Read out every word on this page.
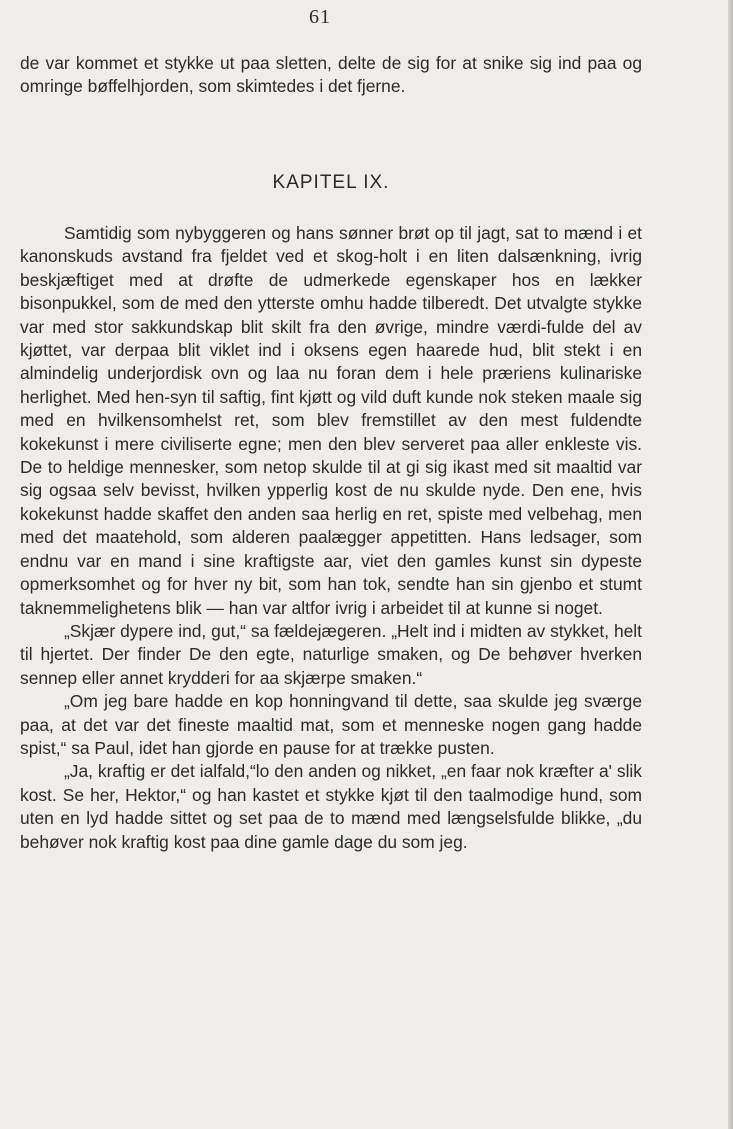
61

de var kommet et stykke ut paa sletten, delte de sig for at snike sig ind paa og omringe bøffelhjorden, som skimtedes i det fjerne.

KAPITEL IX.

Samtidig som nybyggeren og hans sønner brøt op til jagt, sat to mænd i et kanonskuds avstand fra fjeldet ved et skog-holt i en liten dalsænkning, ivrig beskjæftiget med at drøfte de udmerkede egenskaper hos en lækker bisonpukkel, som de med den ytterste omhu hadde tilberedt. Det utvalgte stykke var med stor sakkundskap blit skilt fra den øvrige, mindre værdi-fulde del av kjøttet, var derpaa blit viklet ind i oksens egen haarede hud, blit stekt i en almindelig underjordisk ovn og laa nu foran dem i hele præriens kulinariske herlighet. Med hen-syn til saftig, fint kjøtt og vild duft kunde nok steken maale sig med en hvilkensomhelst ret, som blev fremstillet av den mest fuldendte kokekunst i mere civiliserte egne; men den blev serveret paa aller enkleste vis. De to heldige mennesker, som netop skulde til at gi sig ikast med sit maaltid var sig ogsaa selv bevisst, hvilken ypperlig kost de nu skulde nyde. Den ene, hvis kokekunst hadde skaffet den anden saa herlig en ret, spiste med velbehag, men med det maatehold, som alderen paalægger appetitten. Hans ledsager, som endnu var en mand i sine kraftigste aar, viet den gamles kunst sin dypeste opmerksomhet og for hver ny bit, som han tok, sendte han sin gjenbo et stumt taknemmelighetens blik — han var altfor ivrig i arbeidet til at kunne si noget.

„Skjær dypere ind, gut,“ sa fældejægeren. „Helt ind i midten av stykket, helt til hjertet. Der finder De den egte, naturlige smaken, og De behøver hverken sennep eller annet krydderi for aa skjærpe smaken.“

„Om jeg bare hadde en kop honningvand til dette, saa skulde jeg sværge paa, at det var det fineste maaltid mat, som et menneske nogen gang hadde spist,“ sa Paul, idet han gjorde en pause for at trække pusten.

„Ja, kraftig er det ialfald,“lo den anden og nikket, „en faar nok kræfter a' slik kost. Se her, Hektor,“ og han kastet et stykke kjøt til den taalmodige hund, som uten en lyd hadde sittet og set paa de to mænd med længselsfulde blikke, „du behøver nok kraftig kost paa dine gamle dage du som jeg.
